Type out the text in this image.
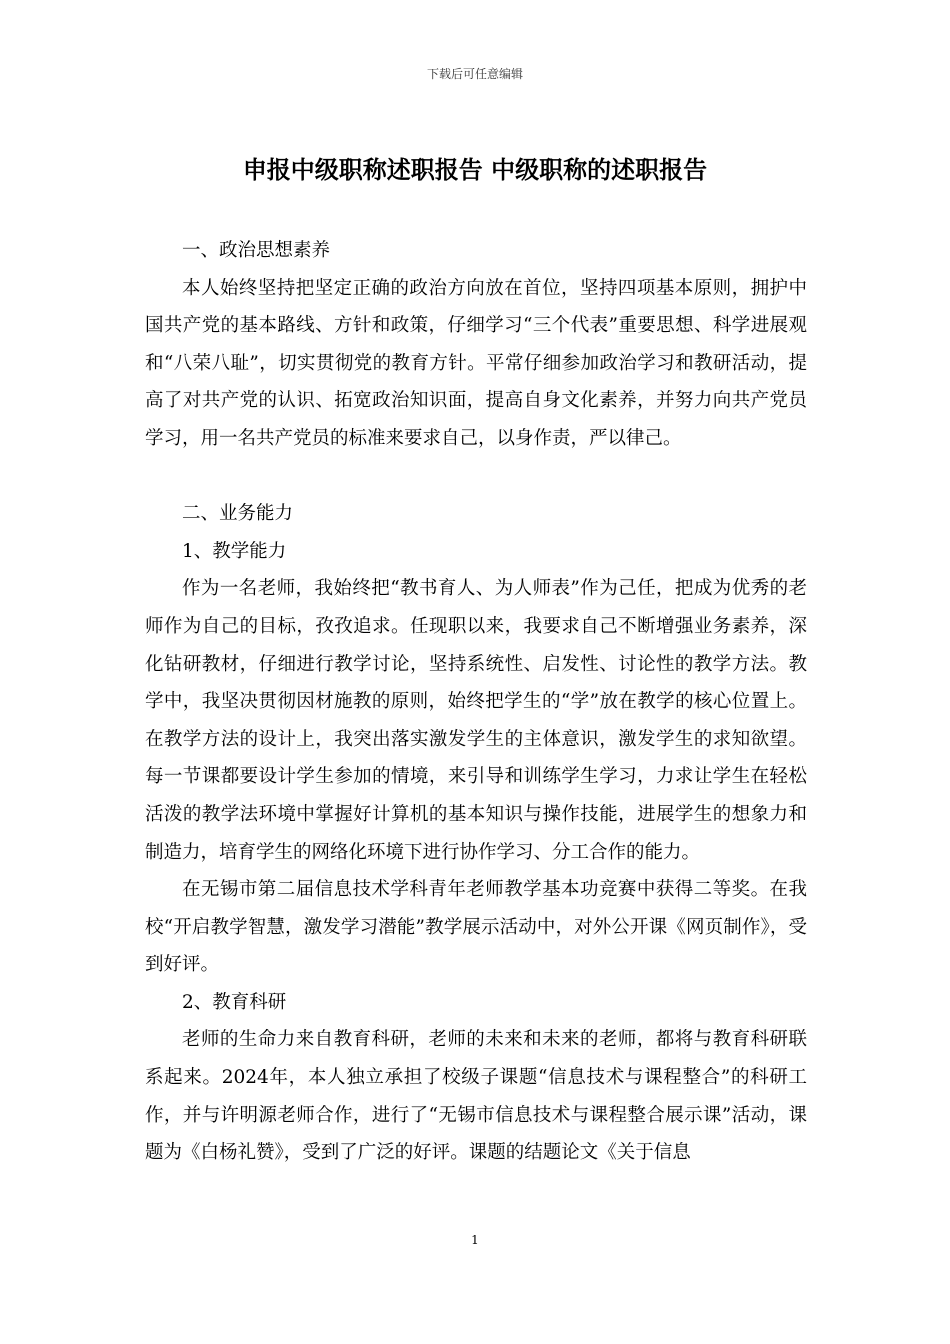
下载后可任意编辑
申报中级职称述职报告 中级职称的述职报告

一、政治思想素养

本人始终坚持把坚定正确的政治方向放在首位，坚持四项基本原则，拥护中国共产党的基本路线、方针和政策，仔细学习“三个代表”重要思想、科学进展观和“八荣八耻”，切实贯彻党的教育方针。平常仔细参加政治学习和教研活动，提高了对共产党的认识、拓宽政治知识面，提高自身文化素养，并努力向共产党员学习，用一名共产党员的标准来要求自己，以身作责，严以律己。

二、业务能力

1、教学能力

作为一名老师，我始终把“教书育人、为人师表”作为己任，把成为优秀的老师作为自己的目标，孜孜追求。任现职以来，我要求自己不断增强业务素养，深化钻研教材，仔细进行教学讨论，坚持系统性、启发性、讨论性的教学方法。教学中，我坚决贯彻因材施教的原则，始终把学生的“学”放在教学的核心位置上。在教学方法的设计上，我突出落实激发学生的主体意识，激发学生的求知欲望。每一节课都要设计学生参加的情境，来引导和训练学生学习，力求让学生在轻松活泼的教学法环境中掌握好计算机的基本知识与操作技能，进展学生的想象力和制造力，培育学生的网络化环境下进行协作学习、分工合作的能力。

在无锡市第二届信息技术学科青年老师教学基本功竞赛中获得二等奖。在我校“开启教学智慧，激发学习潜能”教学展示活动中，对外公开课《网页制作》，受到好评。

2、教育科研

老师的生命力来自教育科研，老师的未来和未来的老师，都将与教育科研联系起来。2024年，本人独立承担了校级子课题“信息技术与课程整合”的科研工作，并与许明源老师合作，进行了“无锡市信息技术与课程整合展示课”活动，课题为《白杨礼赞》，受到了广泛的好评。课题的结题论文《关于信息

1
